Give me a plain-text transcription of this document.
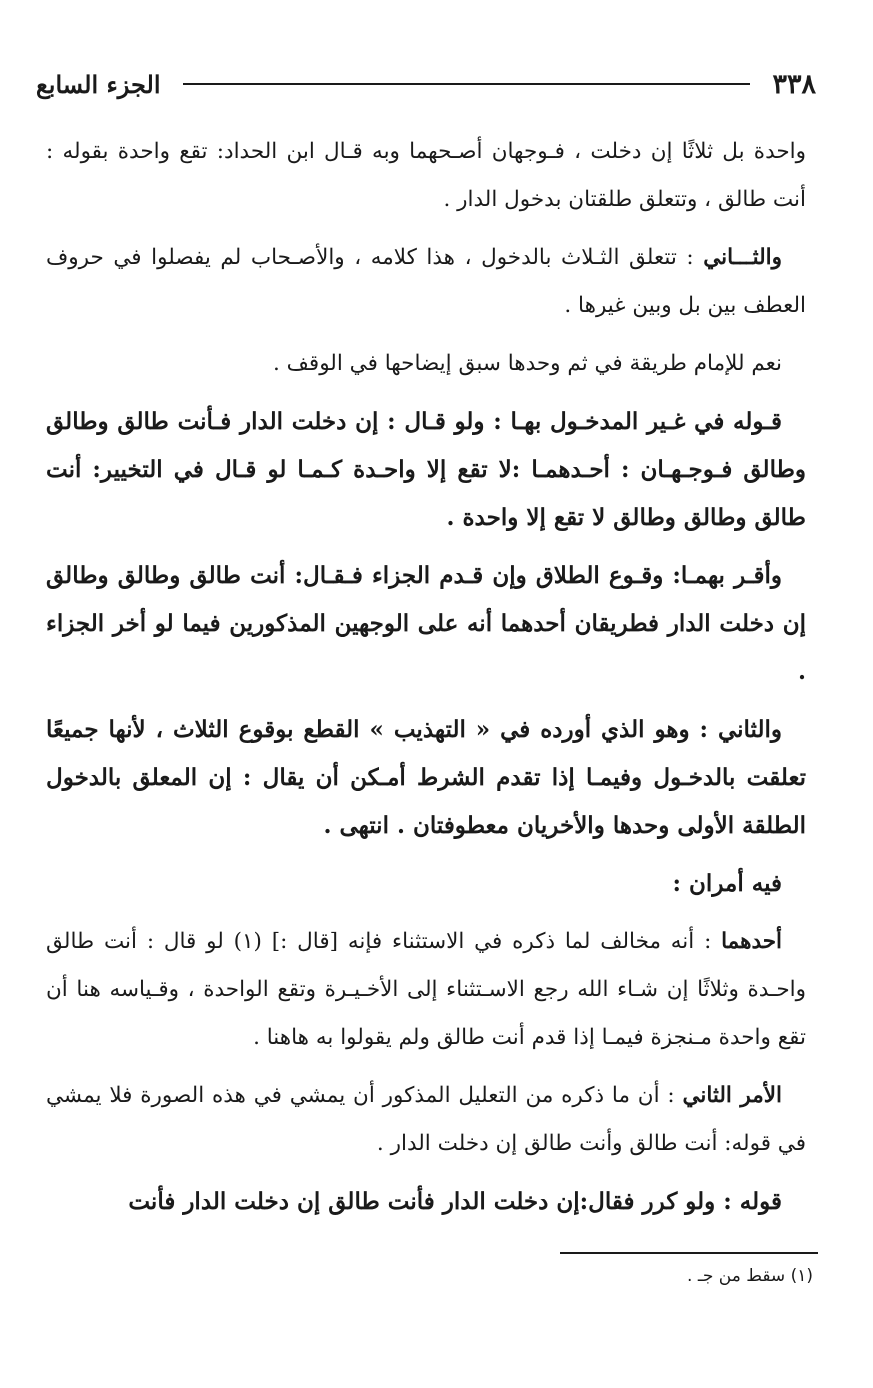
٣٣٨
الجزء السابع

واحدة بل ثلاثًا إن دخلت ، فـوجهان أصـحهما وبه قـال ابن الحداد: تقع واحدة بقوله : أنت طالق ، وتتعلق طلقتان بدخول الدار .

والثـــاني : تتعلق الثـلاث بالدخول ، هذا كلامه ، والأصـحاب لم يفصلوا في حروف العطف بين بل وبين غيرها .

نعم للإمام طريقة في ثم وحدها سبق إيضاحها في الوقف .

قـوله في غـير المدخـول بهـا : ولو قـال : إن دخلت الدار فـأنت طالق وطالق وطالق فـوجـهـان : أحـدهمـا :لا تقع إلا واحـدة كـمـا لو قـال في التخيير: أنت طالق وطالق وطالق لا تقع إلا واحدة .

وأقـر بهمـا: وقـوع الطلاق وإن قـدم الجزاء فـقـال: أنت طالق وطالق وطالق إن دخلت الدار فطريقان أحدهما أنه على الوجهين المذكورين فيما لو أخر الجزاء .

والثاني : وهو الذي أورده في « التهذيب » القطع بوقوع الثلاث ، لأنها جميعًا تعلقت بالدخـول وفيمـا إذا تقدم الشرط أمـكن أن يقال : إن المعلق بالدخول الطلقة الأولى وحدها والأخريان معطوفتان . انتهى .

فيه أمران :

أحدهما : أنه مخالف لما ذكره في الاستثناء فإنه [قال :] (١) لو قال : أنت طالق واحـدة وثلاثًا إن شـاء الله رجع الاسـتثناء إلى الأخـيـرة وتقع الواحدة ، وقـياسه هنا أن تقع واحدة مـنجزة فيمـا إذا قدم أنت طالق ولم يقولوا به هاهنا .

الأمر الثاني : أن ما ذكره من التعليل المذكور أن يمشي في هذه الصورة فلا يمشي في قوله: أنت طالق وأنت طالق إن دخلت الدار .

قوله : ولو كرر فقال:إن دخلت الدار فأنت طالق إن دخلت الدار فأنت

(١) سقط من جـ .
